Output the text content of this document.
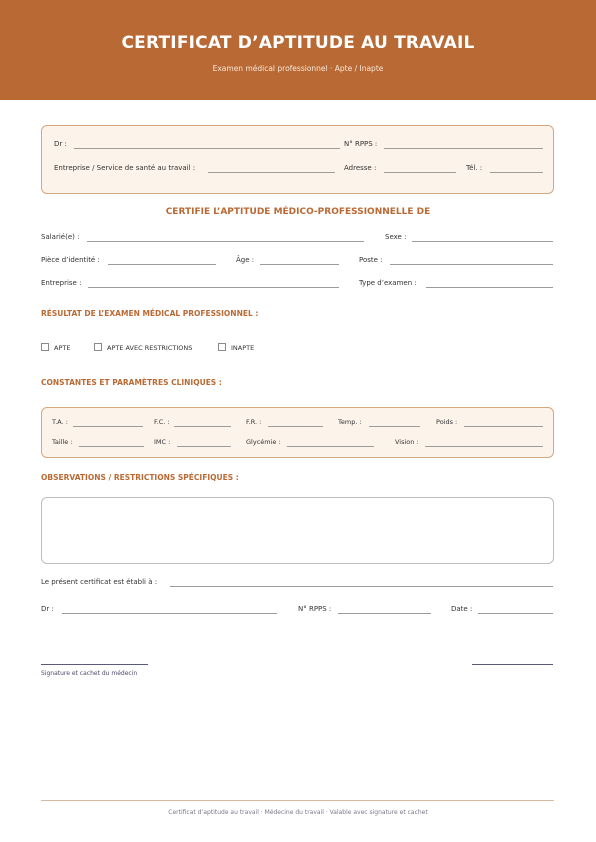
CERTIFICAT D’APTITUDE AU TRAVAIL
Examen médical professionnel · Apte / Inapte
Dr :	N° RPPS :
Entreprise / Service de santé au travail :	Adresse :	Tél. :
CERTIFIE L’APTITUDE MÉDICO-PROFESSIONNELLE DE
Salarié(e) :	Sexe :
Pièce d’identité :	Âge :	Poste :
Entreprise :	Type d’examen :
RÉSULTAT DE L’EXAMEN MÉDICAL PROFESSIONNEL :
APTE	APTE AVEC RESTRICTIONS	INAPTE
CONSTANTES ET PARAMÈTRES CLINIQUES :
T.A. :	F.C. :	F.R. :	Temp. :	Poids :
Taille :	IMC :	Glycémie :	Vision :
OBSERVATIONS / RESTRICTIONS SPÉCIFIQUES :
Le présent certificat est établi à :
Dr :	N° RPPS :	Date :
Signature et cachet du médecin
Certificat d’aptitude au travail · Médecine du travail · Valable avec signature et cachet
